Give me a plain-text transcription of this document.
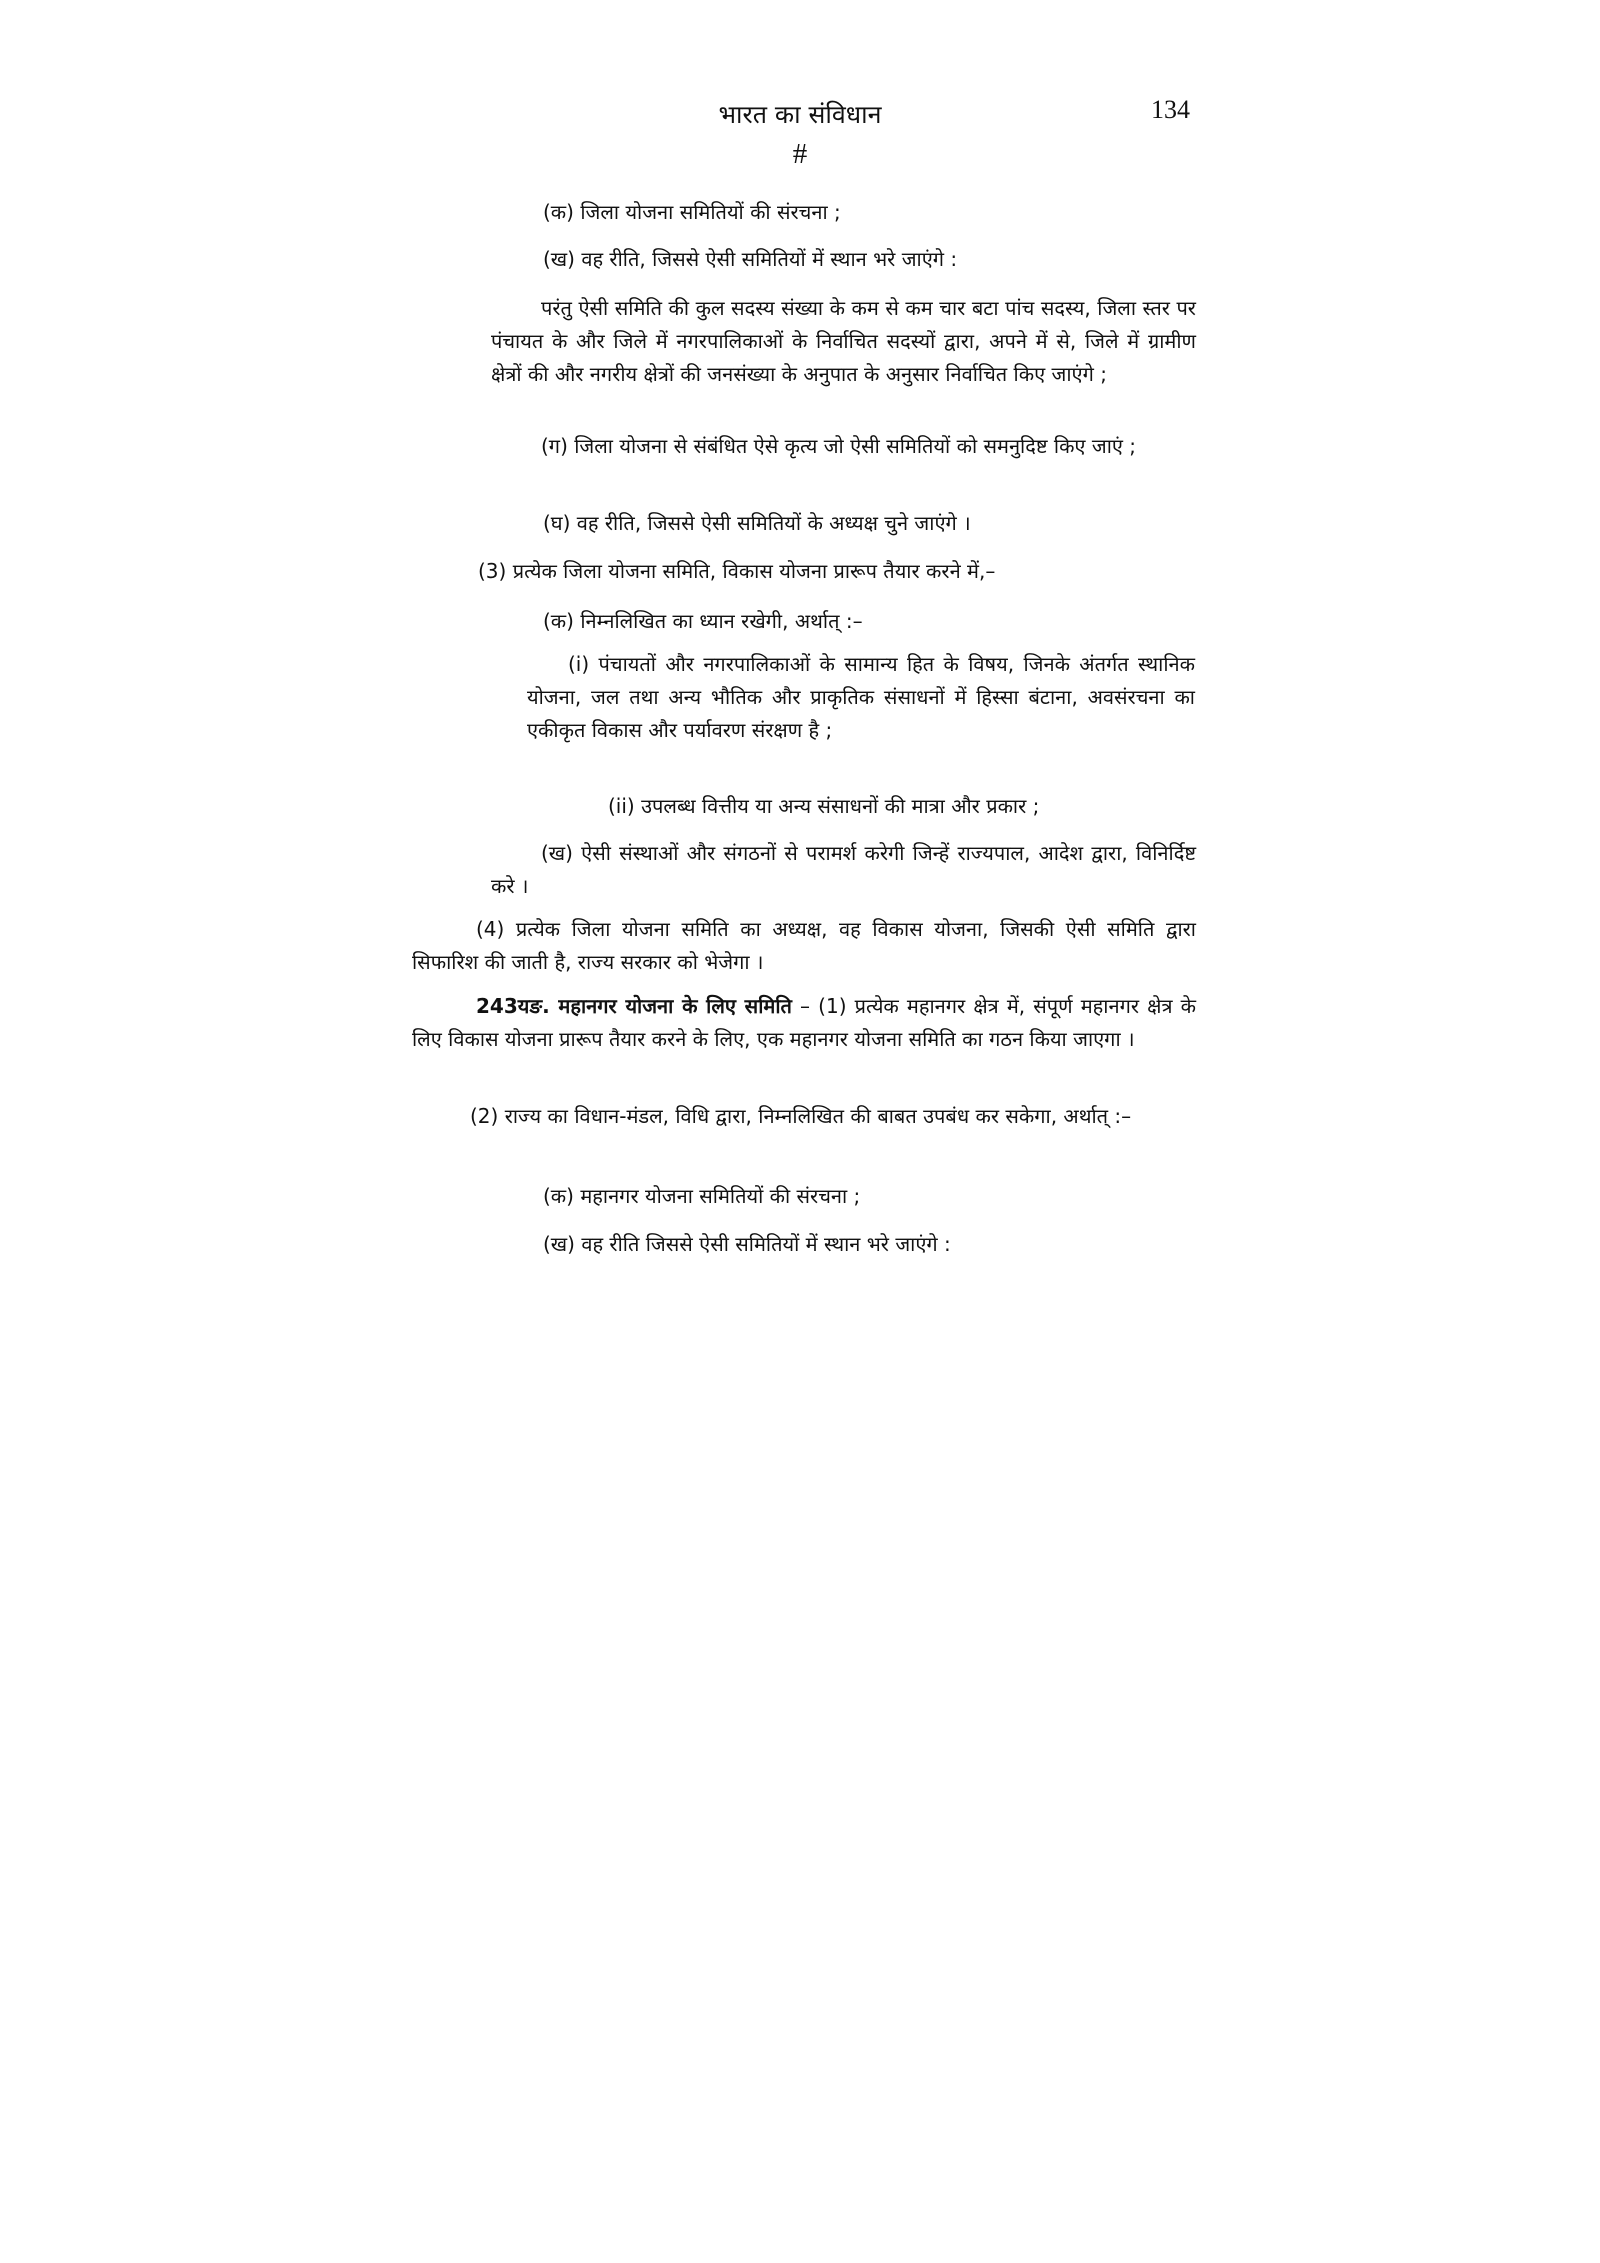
भारत का संविधान	134
#

(क) जिला योजना समितियों की संरचना ;

(ख) वह रीति, जिससे ऐसी समितियों में स्थान भरे जाएंगे :

परंतु ऐसी समिति की कुल सदस्य संख्या के कम से कम चार बटा पांच सदस्य, जिला स्तर पर पंचायत के और जिले में नगरपालिकाओं के निर्वाचित सदस्यों द्वारा, अपने में से, जिले में ग्रामीण क्षेत्रों की और नगरीय क्षेत्रों की जनसंख्या के अनुपात के अनुसार निर्वाचित किए जाएंगे ;

(ग) जिला योजना से संबंधित ऐसे कृत्य जो ऐसी समितियों को समनुदिष्ट किए जाएं ;

(घ) वह रीति, जिससे ऐसी समितियों के अध्यक्ष चुने जाएंगे ।

(3) प्रत्येक जिला योजना समिति, विकास योजना प्रारूप तैयार करने में,–

(क) निम्नलिखित का ध्यान रखेगी, अर्थात् :–

(i) पंचायतों और नगरपालिकाओं के सामान्य हित के विषय, जिनके अंतर्गत स्थानिक योजना, जल तथा अन्य भौतिक और प्राकृतिक संसाधनों में हिस्सा बंटाना, अवसंरचना का एकीकृत विकास और पर्यावरण संरक्षण है ;

(ii) उपलब्ध वित्तीय या अन्य संसाधनों की मात्रा और प्रकार ;

(ख) ऐसी संस्थाओं और संगठनों से परामर्श करेगी जिन्हें राज्यपाल, आदेश द्वारा, विनिर्दिष्ट करे ।

(4) प्रत्येक जिला योजना समिति का अध्यक्ष, वह विकास योजना, जिसकी ऐसी समिति द्वारा सिफारिश की जाती है, राज्य सरकार को भेजेगा ।

243यङ. महानगर योजना के लिए समिति – (1) प्रत्येक महानगर क्षेत्र में, संपूर्ण महानगर क्षेत्र के लिए विकास योजना प्रारूप तैयार करने के लिए, एक महानगर योजना समिति का गठन किया जाएगा ।

(2) राज्य का विधान-मंडल, विधि द्वारा, निम्नलिखित की बाबत उपबंध कर सकेगा, अर्थात् :–

(क) महानगर योजना समितियों की संरचना ;

(ख) वह रीति जिससे ऐसी समितियों में स्थान भरे जाएंगे :
